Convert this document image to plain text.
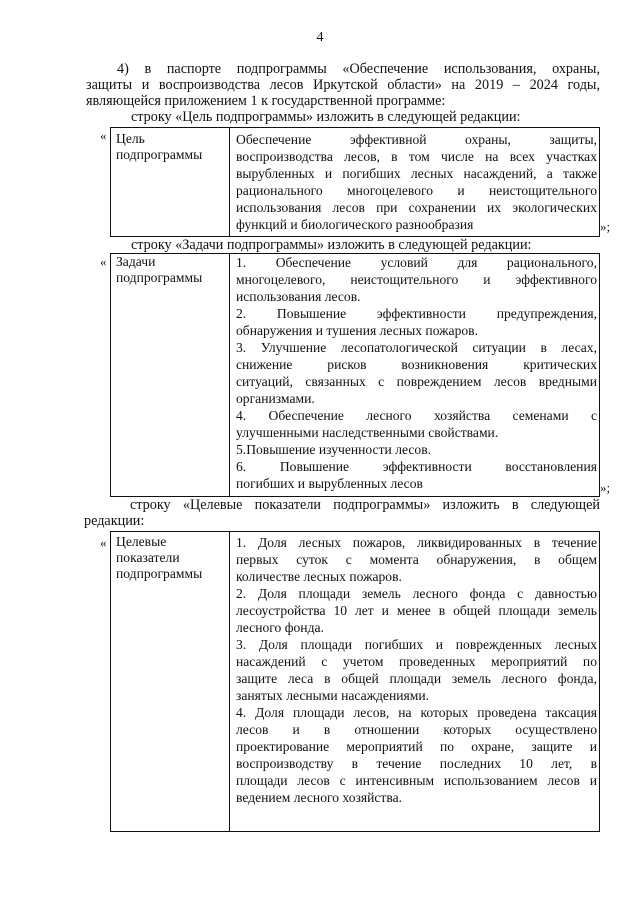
4
4) в паспорте подпрограммы «Обеспечение использования, охраны,
защиты и воспроизводства лесов Иркутской области» на 2019 – 2024 годы,
являющейся приложением 1 к государственной программе:
строку «Цель подпрограммы» изложить в следующей редакции:
« Цель
подпрограммы
Обеспечение эффективной охраны, защиты,
воспроизводства лесов, в том числе на всех участках
вырубленных и погибших лесных насаждений, а также
рационального многоцелевого и неистощительного
использования лесов при сохранении их экологических
функций и биологического разнообразия	»;
строку «Задачи подпрограммы» изложить в следующей редакции:
« Задачи
подпрограммы
1. Обеспечение условий для рационального,
многоцелевого, неистощительного и эффективного
использования лесов.
2. Повышение эффективности предупреждения,
обнаружения и тушения лесных пожаров.
3. Улучшение лесопатологической ситуации в лесах,
снижение рисков возникновения критических
ситуаций, связанных с повреждением лесов вредными
организмами.
4. Обеспечение лесного хозяйства семенами с
улучшенными наследственными свойствами.
5.Повышение изученности лесов.
6. Повышение эффективности восстановления
погибших и вырубленных лесов	»;
строку «Целевые показатели подпрограммы» изложить в следующей
редакции:
« Целевые
показатели
подпрограммы
1. Доля лесных пожаров, ликвидированных в течение
первых суток с момента обнаружения, в общем
количестве лесных пожаров.
2. Доля площади земель лесного фонда с давностью
лесоустройства 10 лет и менее в общей площади земель
лесного фонда.
3. Доля площади погибших и поврежденных лесных
насаждений с учетом проведенных мероприятий по
защите леса в общей площади земель лесного фонда,
занятых лесными насаждениями.
4. Доля площади лесов, на которых проведена таксация
лесов и в отношении которых осуществлено
проектирование мероприятий по охране, защите и
воспроизводству в течение последних 10 лет, в
площади лесов с интенсивным использованием лесов и
ведением лесного хозяйства.
